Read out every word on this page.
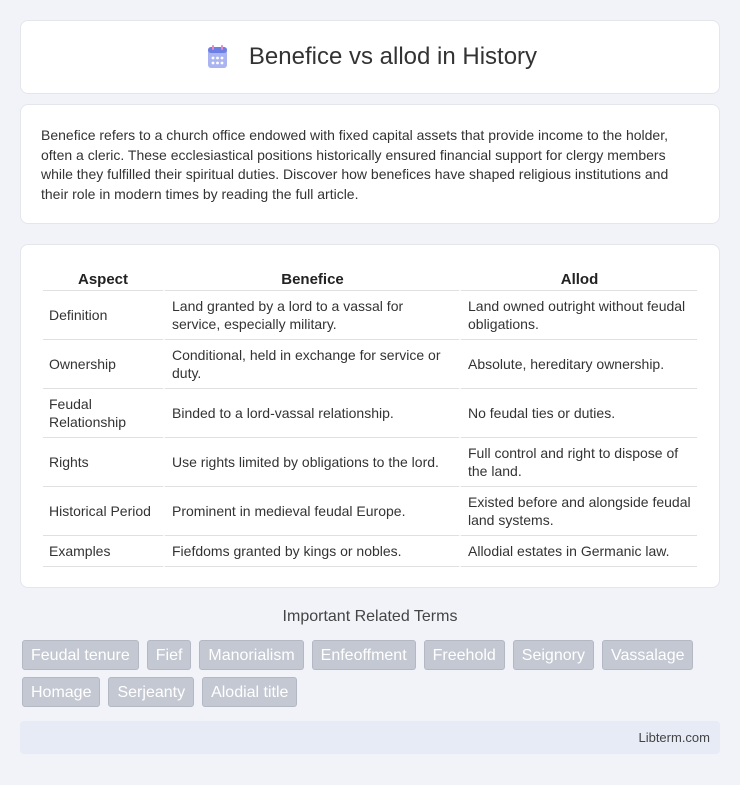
Benefice vs allod in History

Benefice refers to a church office endowed with fixed capital assets that provide income to the holder, often a cleric. These ecclesiastical positions historically ensured financial support for clergy members while they fulfilled their spiritual duties. Discover how benefices have shaped religious institutions and their role in modern times by reading the full article.

Aspect	Benefice	Allod
Definition	Land granted by a lord to a vassal for service, especially military.	Land owned outright without feudal obligations.
Ownership	Conditional, held in exchange for service or duty.	Absolute, hereditary ownership.
Feudal Relationship	Binded to a lord-vassal relationship.	No feudal ties or duties.
Rights	Use rights limited by obligations to the lord.	Full control and right to dispose of the land.
Historical Period	Prominent in medieval feudal Europe.	Existed before and alongside feudal land systems.
Examples	Fiefdoms granted by kings or nobles.	Allodial estates in Germanic law.
Important Related Terms
Feudal tenure	Fief	Manorialism	Enfeoffment	Freehold	Seignory	Vassalage
Homage	Serjeanty	Alodial title
Libterm.com
